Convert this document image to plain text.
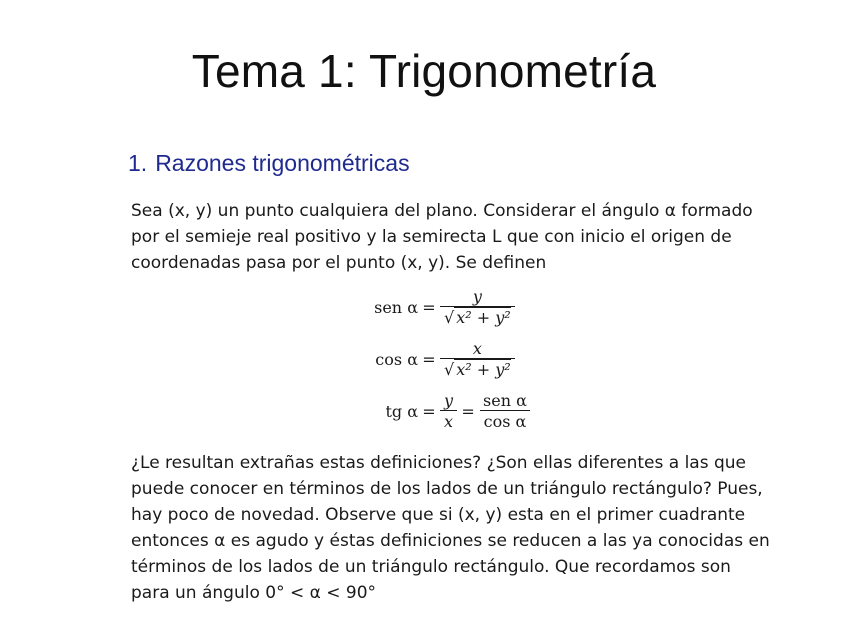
Tema 1: Trigonometría
1. Razones trigonométricas
Sea (x, y) un punto cualquiera del plano. Considerar el ángulo α formado
por el semieje real positivo y la semirecta L que con inicio el origen de
coordenadas pasa por el punto (x, y). Se definen
sen $\alpha = \frac{y}{\text{√ x² + y²}}$
$\cos \alpha = \frac{x}{\text{√ x² + y²}}$
tg $\alpha = \frac{y}{x} = \frac{\text{sen α}}{\text{cos α}}$
¿Le resultan extrañas estas definiciones? ¿Son ellas diferentes a las que
puede conocer en términos de los lados de un triángulo rectángulo? Pues,
hay poco de novedad. Observe que si (x, y) esta en el primer cuadrante
entonces α es agudo y éstas definiciones se reducen a las ya conocidas en
términos de los lados de un triángulo rectángulo. Que recordamos son
para un ángulo 0° < α < 90°
